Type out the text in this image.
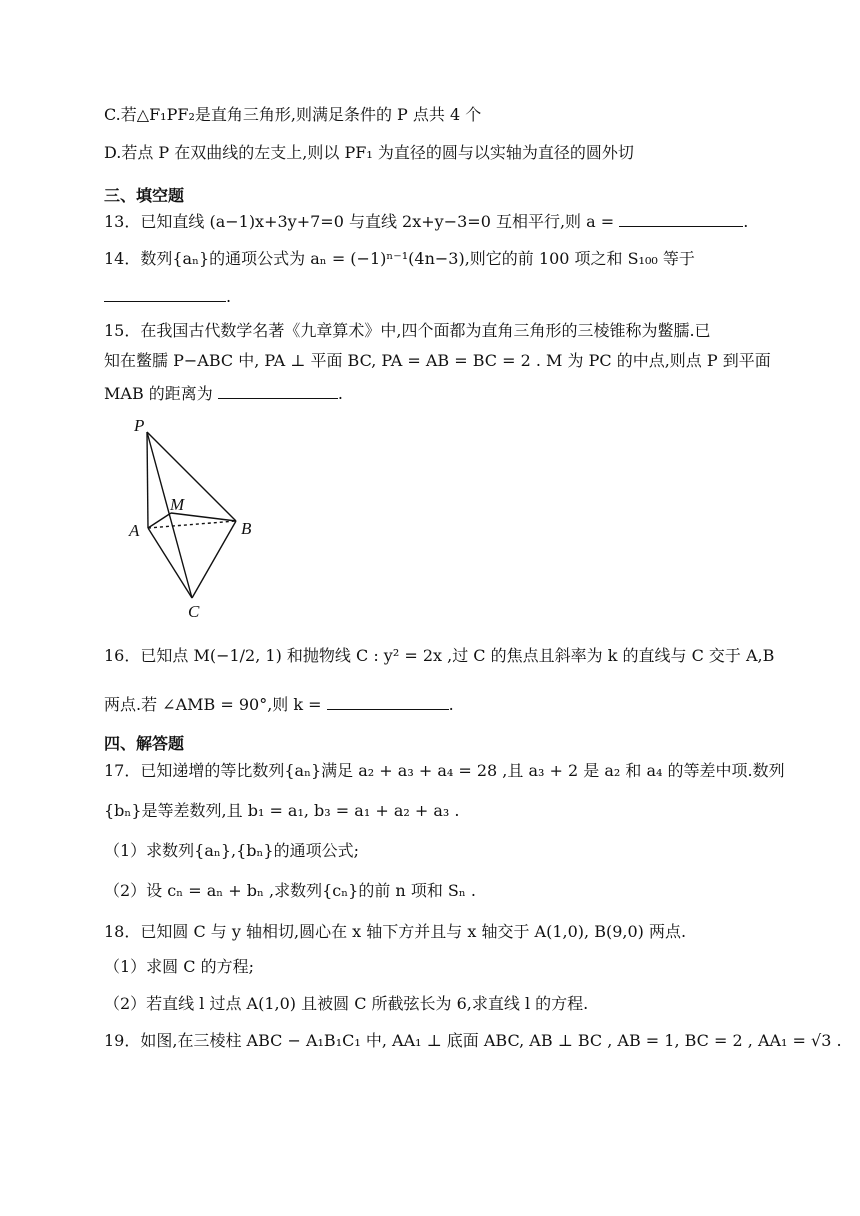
C.若△F₁PF₂是直角三角形,则满足条件的 P 点共 4 个
D.若点 P 在双曲线的左支上,则以 PF₁ 为直径的圆与以实轴为直径的圆外切
三、填空题
13．已知直线 (a−1)x+3y+7=0 与直线 2x+y−3=0 互相平行,则 a =	.
14．数列{aₙ}的通项公式为 aₙ = (−1)ⁿ⁻¹(4n−3),则它的前 100 项之和 S₁₀₀ 等于
.
15．在我国古代数学名著《九章算术》中,四个面都为直角三角形的三棱锥称为鳖臑.已
知在鳖臑 P−ABC 中, PA ⊥ 平面 BC, PA = AB = BC = 2 . M 为 PC 的中点,则点 P 到平面
MAB 的距离为	.
P
M
A	B
C
16．已知点 M(−1/2, 1) 和抛物线 C : y² = 2x ,过 C 的焦点且斜率为 k 的直线与 C 交于 A,B
两点.若 ∠AMB = 90°,则 k =	.
四、解答题
17．已知递增的等比数列{aₙ}满足 a₂ + a₃ + a₄ = 28 ,且 a₃ + 2 是 a₂ 和 a₄ 的等差中项.数列
{bₙ}是等差数列,且 b₁ = a₁, b₃ = a₁ + a₂ + a₃ .
（1）求数列{aₙ},{bₙ}的通项公式;
（2）设 cₙ = aₙ + bₙ ,求数列{cₙ}的前 n 项和 Sₙ .
18．已知圆 C 与 y 轴相切,圆心在 x 轴下方并且与 x 轴交于 A(1,0), B(9,0) 两点.
（1）求圆 C 的方程;
（2）若直线 l 过点 A(1,0) 且被圆 C 所截弦长为 6,求直线 l 的方程.
19．如图,在三棱柱 ABC − A₁B₁C₁ 中, AA₁ ⊥ 底面 ABC, AB ⊥ BC , AB = 1, BC = 2 , AA₁ = √3 .
